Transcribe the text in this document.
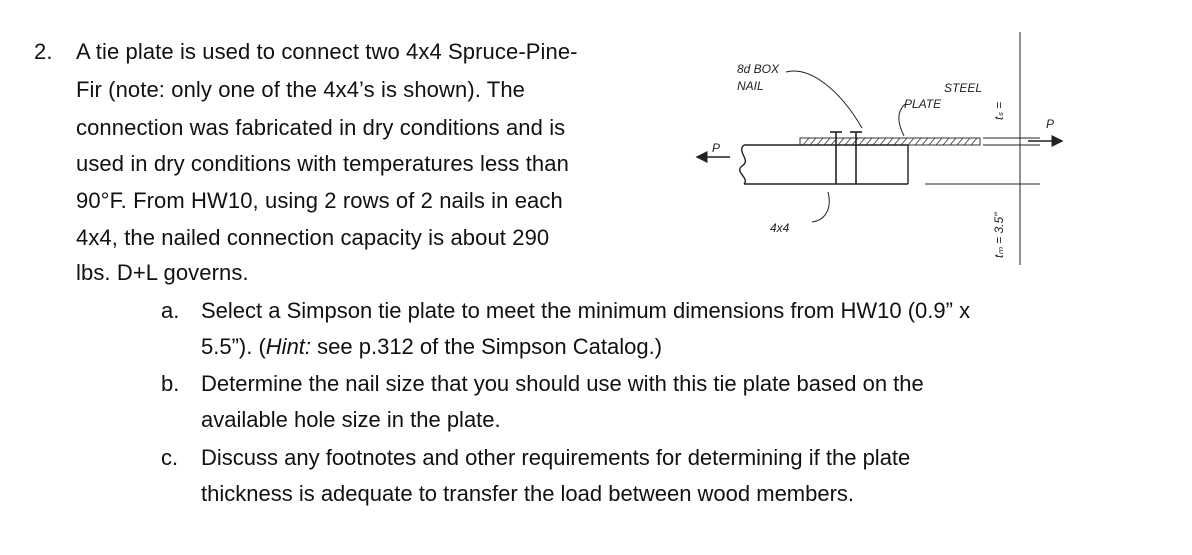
2. A tie plate is used to connect two 4x4 Spruce-Pine-
Fir (note: only one of the 4x4’s is shown). The
connection was fabricated in dry conditions and is
used in dry conditions with temperatures less than
90°F. From HW10, using 2 rows of 2 nails in each
4x4, the nailed connection capacity is about 290
lbs. D+L governs.
a. Select a Simpson tie plate to meet the minimum dimensions from HW10 (0.9” x
5.5”). (Hint: see p.312 of the Simpson Catalog.)
b. Determine the nail size that you should use with this tie plate based on the
available hole size in the plate.
c. Discuss any footnotes and other requirements for determining if the plate
thickness is adequate to transfer the load between wood members.
8d BOX
NAIL	STEEL
PLATE
4x4
P
P
tₛ =
tₘ = 3.5"
